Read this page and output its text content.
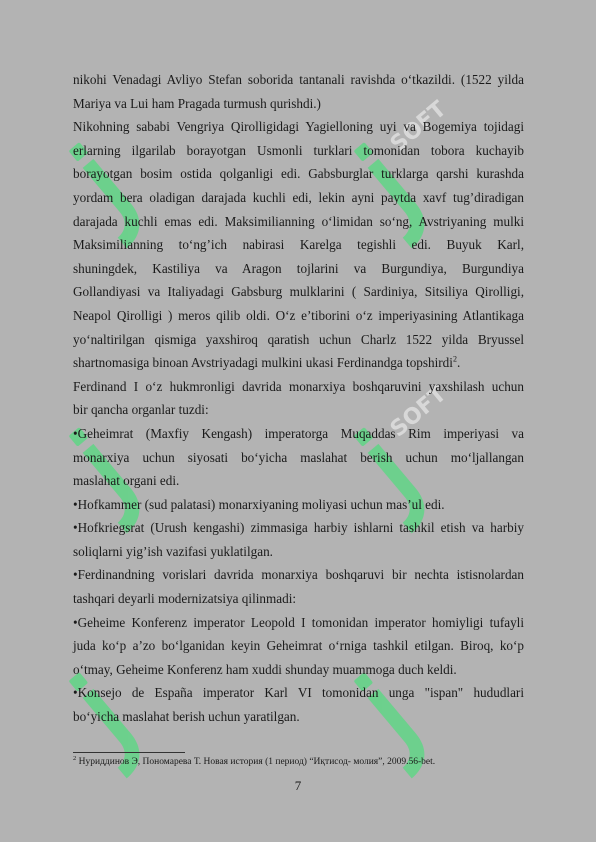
SOFT
SOFT

nikohi Venadagi Avliyo Stefan soborida tantanali ravishda o‘tkazildi. (1522 yilda

Mariya va Lui ham Pragada turmush qurishdi.)

Nikohning sababi Vengriya Qirolligidagi Yagielloning uyi va Bogemiya tojidagi

erlarning ilgarilab borayotgan Usmonli turklari tomonidan tobora kuchayib

borayotgan bosim ostida qolganligi edi. Gabsburglar turklarga qarshi kurashda

yordam bera oladigan darajada kuchli edi, lekin ayni paytda xavf tug’diradigan

darajada kuchli emas edi. Maksimilianning o‘limidan so‘ng, Avstriyaning mulki

Maksimilianning to‘ng’ich nabirasi Karelga tegishli edi. Buyuk Karl,

shuningdek, Kastiliya va Aragon tojlarini va Burgundiya, Burgundiya

Gollandiyasi va Italiyadagi Gabsburg mulklarini ( Sardiniya, Sitsiliya Qirolligi,

Neapol Qirolligi ) meros qilib oldi. O‘z e’tiborini o‘z imperiyasining Atlantikaga

yo‘naltirilgan qismiga yaxshiroq qaratish uchun Charlz 1522 yilda Bryussel

shartnomasiga binoan Avstriyadagi mulkini ukasi Ferdinandga topshirdi$^2$.

Ferdinand I o‘z hukmronligi davrida monarxiya boshqaruvini yaxshilash uchun

bir qancha organlar tuzdi:

•Geheimrat (Maxfiy Kengash) imperatorga Muqaddas Rim imperiyasi va

monarxiya uchun siyosati bo‘yicha maslahat berish uchun mo‘ljallangan

maslahat organi edi.

•Hofkammer (sud palatasi) monarxiyaning moliyasi uchun mas’ul edi.

•Hofkriegsrat (Urush kengashi) zimmasiga harbiy ishlarni tashkil etish va harbiy

soliqlarni yig’ish vazifasi yuklatilgan.

•Ferdinandning vorislari davrida monarxiya boshqaruvi bir nechta istisnolardan

tashqari deyarli modernizatsiya qilinmadi:

•Geheime Konferenz imperator Leopold I tomonidan imperator homiyligi tufayli

juda ko‘p a’zo bo‘lganidan keyin Geheimrat o‘rniga tashkil etilgan. Biroq, ko‘p

o‘tmay, Geheime Konferenz ham xuddi shunday muammoga duch keldi.

•Konsejo de España imperator Karl VI tomonidan unga "ispan" hududlari

bo‘yicha maslahat berish uchun yaratilgan.

$^2$ Нуриддинов Э, Пономарева Т. Новая история (1 период) “Иқтисод- молия”, 2009.56-bet.
7
